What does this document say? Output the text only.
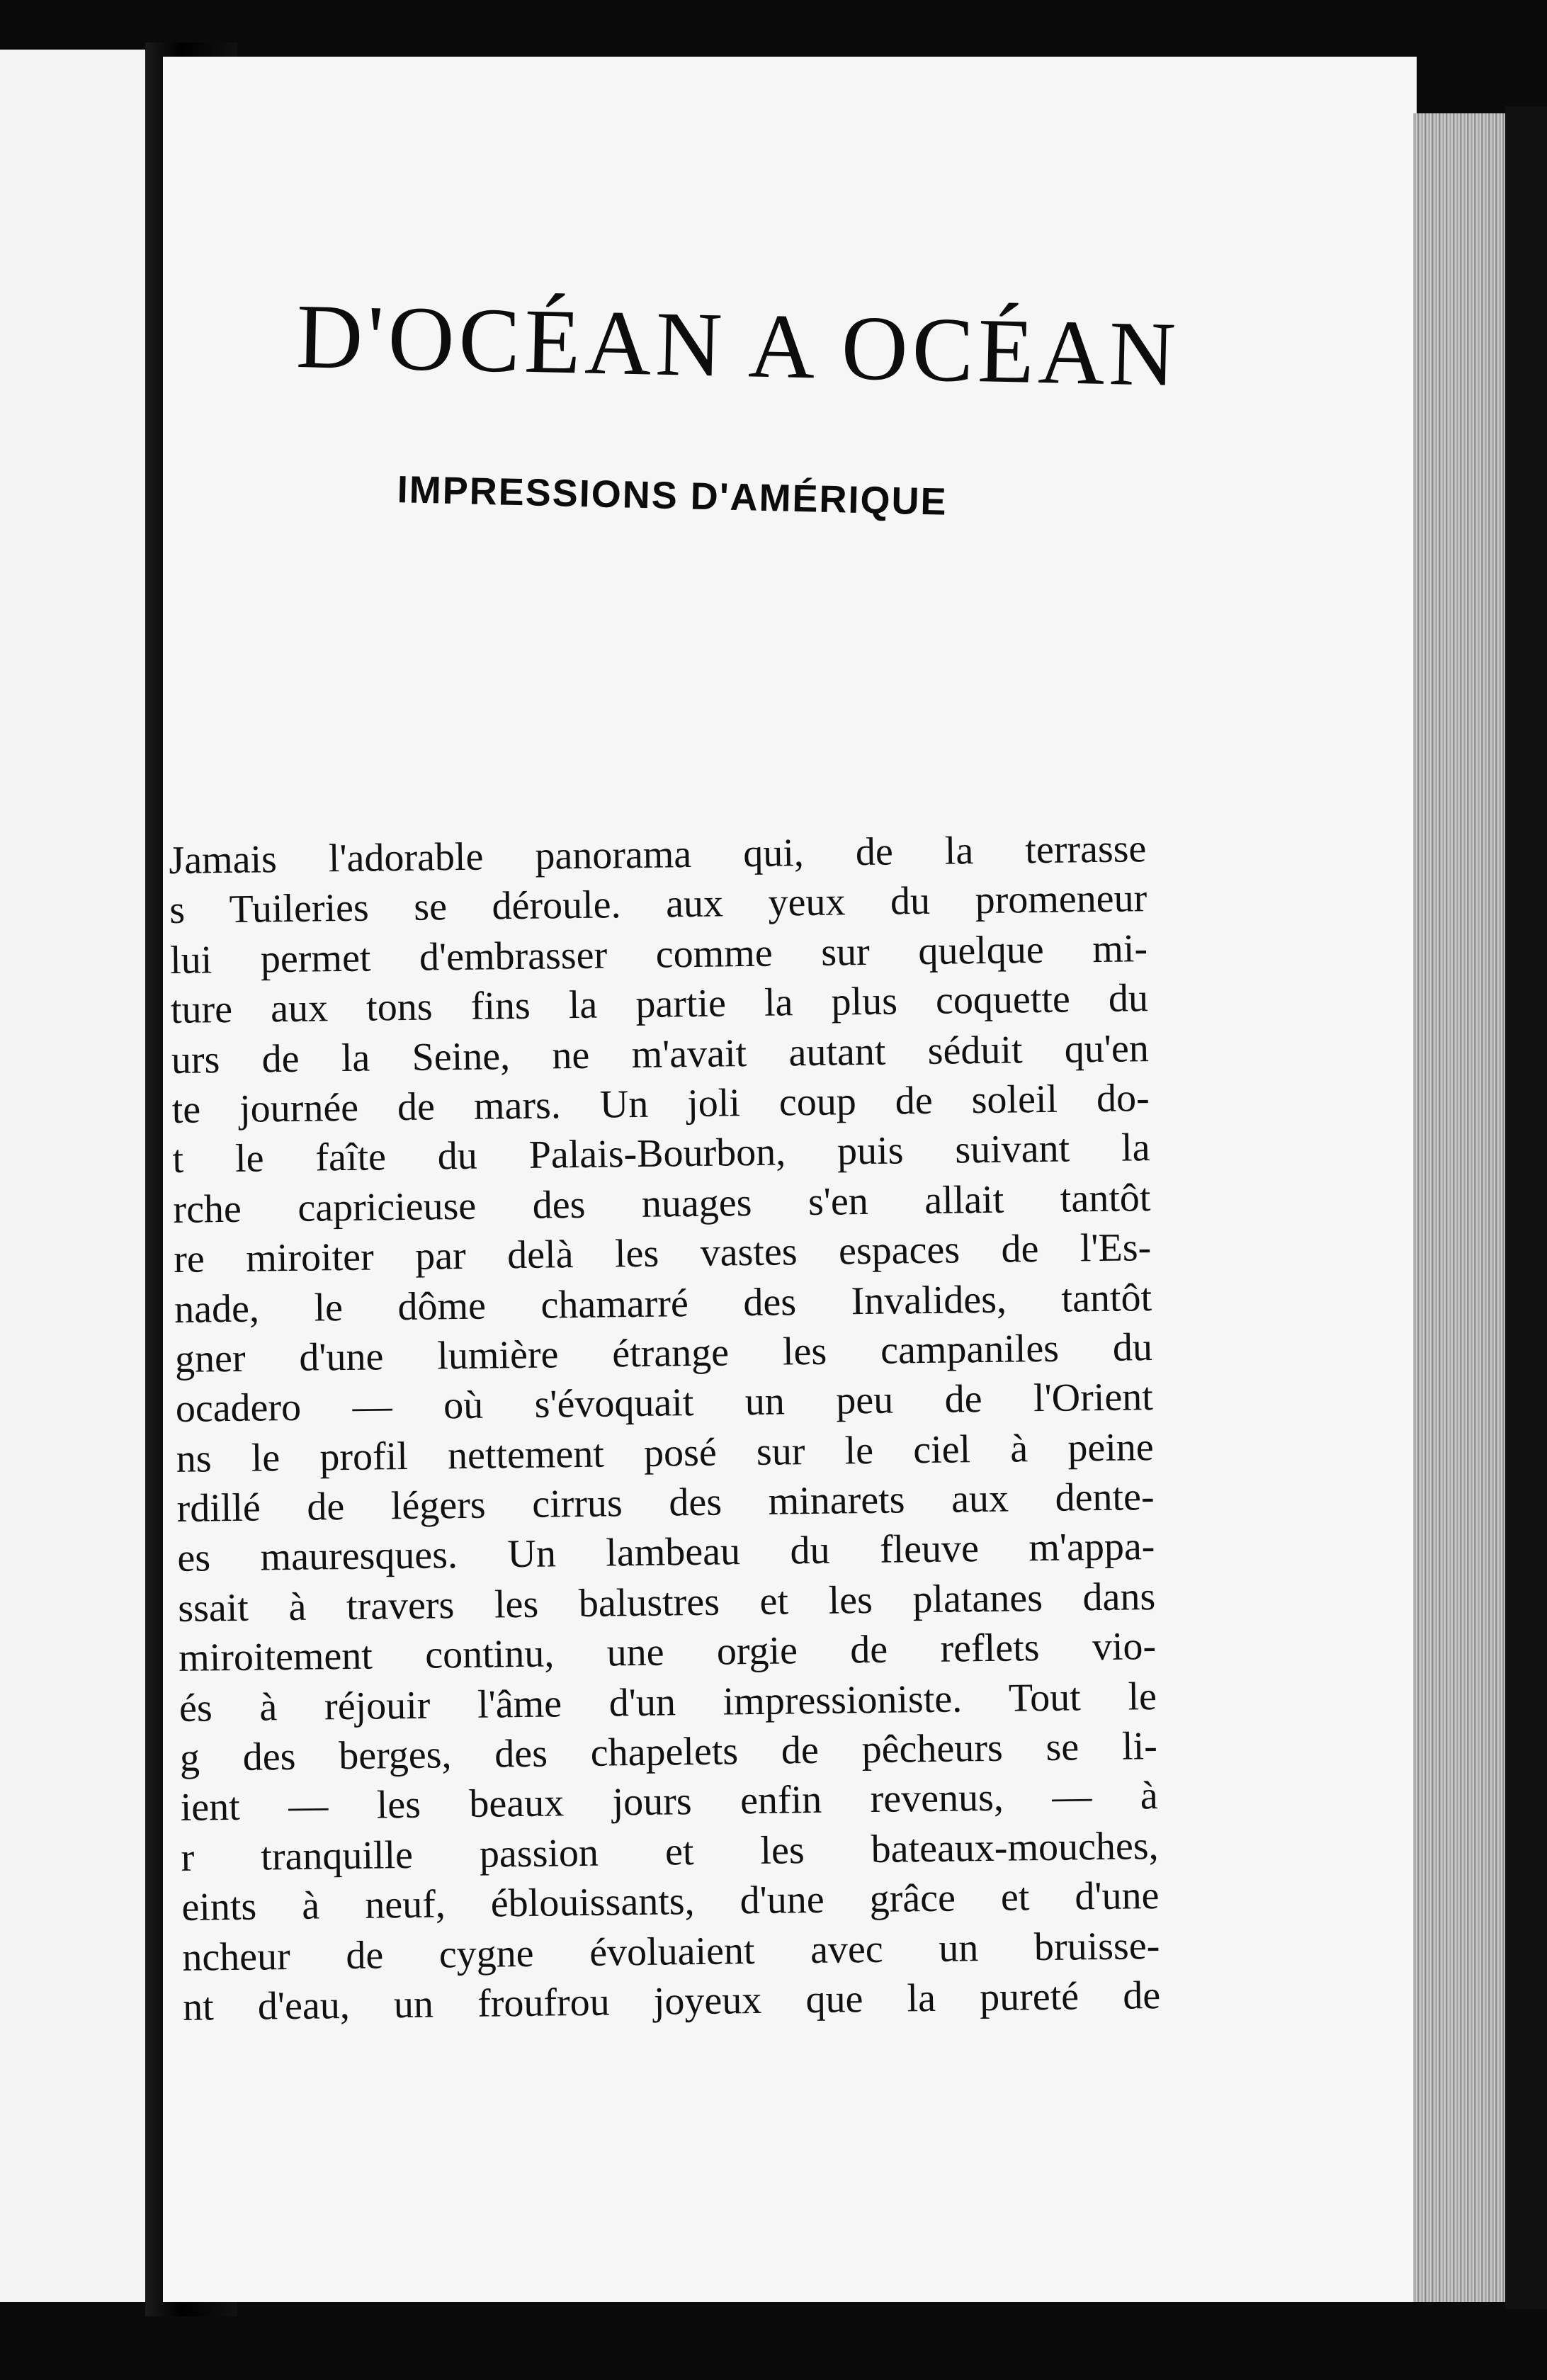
D'OCÉAN A OCÉAN
IMPRESSIONS D'AMÉRIQUE
Jamais l'adorable panorama qui, de la terrasse
s Tuileries se déroule. aux yeux du promeneur
lui permet d'embrasser comme sur quelque mi-
ture aux tons fins la partie la plus coquette du
urs de la Seine, ne m'avait autant séduit qu'en
te journée de mars. Un joli coup de soleil do-
t le faîte du Palais-Bourbon, puis suivant la
rche capricieuse des nuages s'en allait tantôt
re miroiter par delà les vastes espaces de l'Es-
nade, le dôme chamarré des Invalides, tantôt
gner d'une lumière étrange les campaniles du
ocadero — où s'évoquait un peu de l'Orient
ns le profil nettement posé sur le ciel à peine
rdillé de légers cirrus des minarets aux dente-
es mauresques. Un lambeau du fleuve m'appa-
ssait à travers les balustres et les platanes dans
miroitement continu, une orgie de reflets vio-
és à réjouir l'âme d'un impressioniste. Tout le
g des berges, des chapelets de pêcheurs se li-
ient — les beaux jours enfin revenus, — à
r tranquille passion et les bateaux-mouches,
eints à neuf, éblouissants, d'une grâce et d'une
ncheur de cygne évoluaient avec un bruisse-
nt d'eau, un froufrou joyeux que la pureté de
